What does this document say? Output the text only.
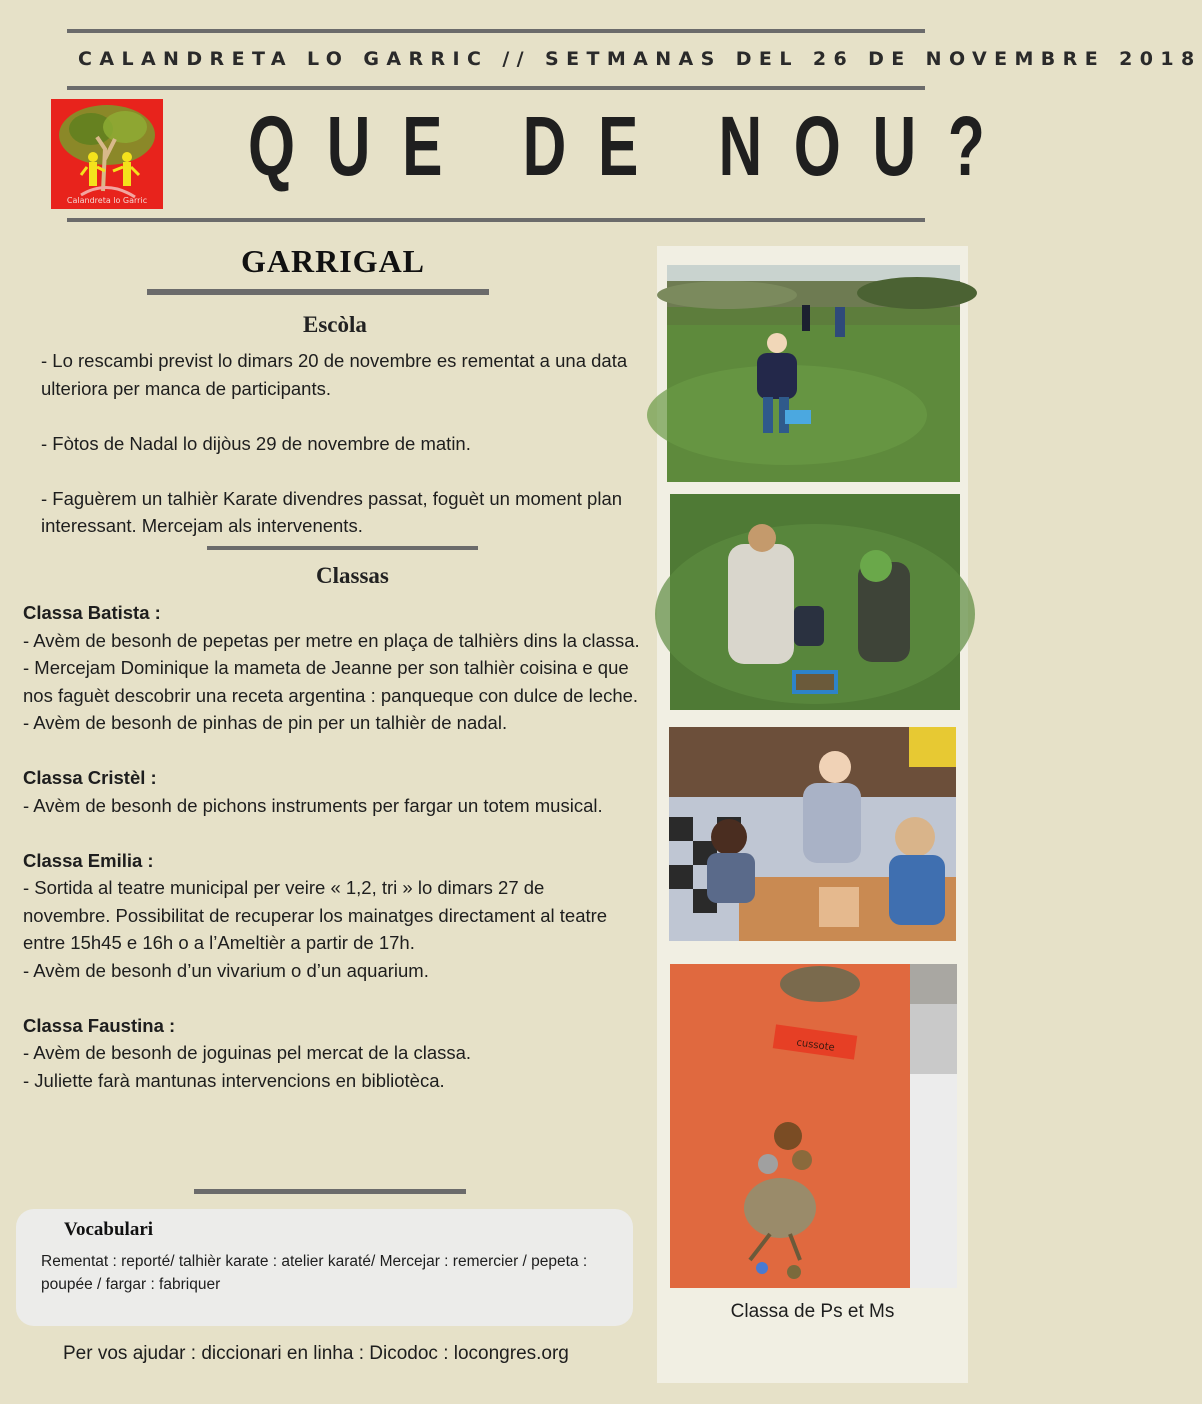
CALANDRETA LO GARRIC // SETMANAS DEL 26 DE NOVEMBRE 2018
Calandreta lo Garric
QUE DE NOU?
GARRIGAL
Escòla

- Lo rescambi previst lo dimars 20 de novembre es rementat a una data ulteriora per manca de participants.

- Fòtos de Nadal lo dijòus 29 de novembre de matin.

- Faguèrem un talhièr Karate divendres passat, foguèt un moment plan interessant. Mercejam als intervenents.

Classas

Classa Batista :

- Avèm de besonh de pepetas per metre en plaça de talhièrs dins la classa.

- Mercejam Dominique la mameta de Jeanne per son talhièr coisina e que nos faguèt descobrir una receta argentina : panqueque con dulce de leche.

- Avèm de besonh de pinhas de pin per un talhièr de nadal.

Classa Cristèl :

- Avèm de besonh de pichons instruments per fargar un totem musical.

Classa Emilia :

- Sortida al teatre municipal per veire « 1,2, tri » lo dimars 27 de novembre. Possibilitat de recuperar los mainatges directament al teatre entre 15h45 e 16h o a l’Ameltièr a partir de 17h.

- Avèm de besonh d’un vivarium o d’un aquarium.

Classa Faustina :

- Avèm de besonh de joguinas pel mercat de la classa.

- Juliette farà mantunas intervencions en bibliotèca.

Vocabulari
Rementat : reporté/ talhièr karate : atelier karaté/ Mercejar : remercier / pepeta : poupée / fargar : fabriquer
Per vos ajudar : diccionari en linha : Dicodoc : locongres.org
cussote
Classa de Ps et Ms
